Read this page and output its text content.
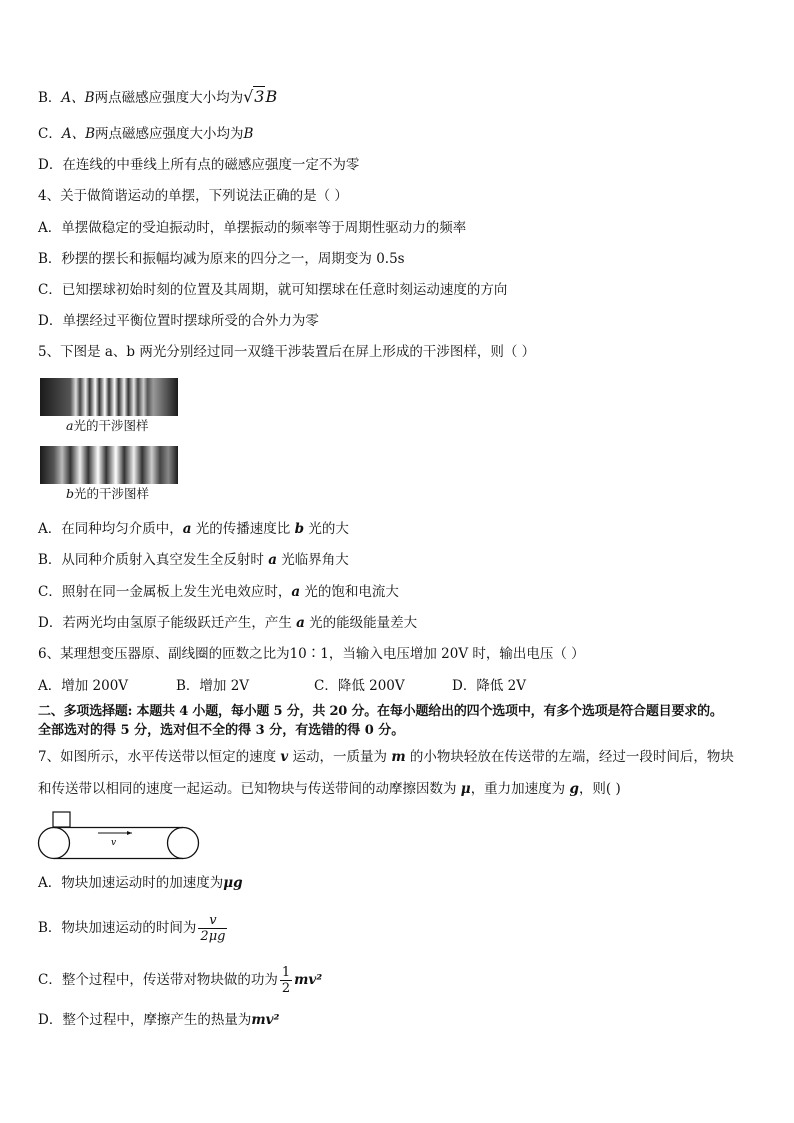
B．A、B两点磁感应强度大小均为√3B
C．A、B两点磁感应强度大小均为B
D．在连线的中垂线上所有点的磁感应强度一定不为零
4、关于做简谐运动的单摆，下列说法正确的是（ ）
A．单摆做稳定的受迫振动时，单摆振动的频率等于周期性驱动力的频率
B．秒摆的摆长和振幅均减为原来的四分之一，周期变为 0.5s
C．已知摆球初始时刻的位置及其周期，就可知摆球在任意时刻运动速度的方向
D．单摆经过平衡位置时摆球所受的合外力为零
5、下图是 a、b 两光分别经过同一双缝干涉装置后在屏上形成的干涉图样，则（ ）
a光的干涉图样
b光的干涉图样
A．在同种均匀介质中，a 光的传播速度比 b 光的大
B．从同种介质射入真空发生全反射时 a 光临界角大
C．照射在同一金属板上发生光电效应时，a 光的饱和电流大
D．若两光均由氢原子能级跃迁产生，产生 a 光的能级能量差大
6、某理想变压器原、副线圈的匝数之比为10∶1，当输入电压增加 20V 时，输出电压（ ）
A．增加 200V	B．增加 2V	C．降低 200V	D．降低 2V
二、多项选择题: 本题共 4 小题，每小题 5 分，共 20 分。在每小题给出的四个选项中，有多个选项是符合题目要求的。
全部选对的得 5 分，选对但不全的得 3 分，有选错的得 0 分。
7、如图所示，水平传送带以恒定的速度 v 运动，一质量为 m 的小物块轻放在传送带的左端，经过一段时间后，物块
和传送带以相同的速度一起运动。已知物块与传送带间的动摩擦因数为 μ，重力加速度为 g，则( )
v
A．物块加速运动时的加速度为μg
B．物块加速运动的时间为 $\frac{v}{2\mu g}$
C．整个过程中，传送带对物块做的功为 $\frac{1}{2} mv^2$
D．整个过程中，摩擦产生的热量为mv²
